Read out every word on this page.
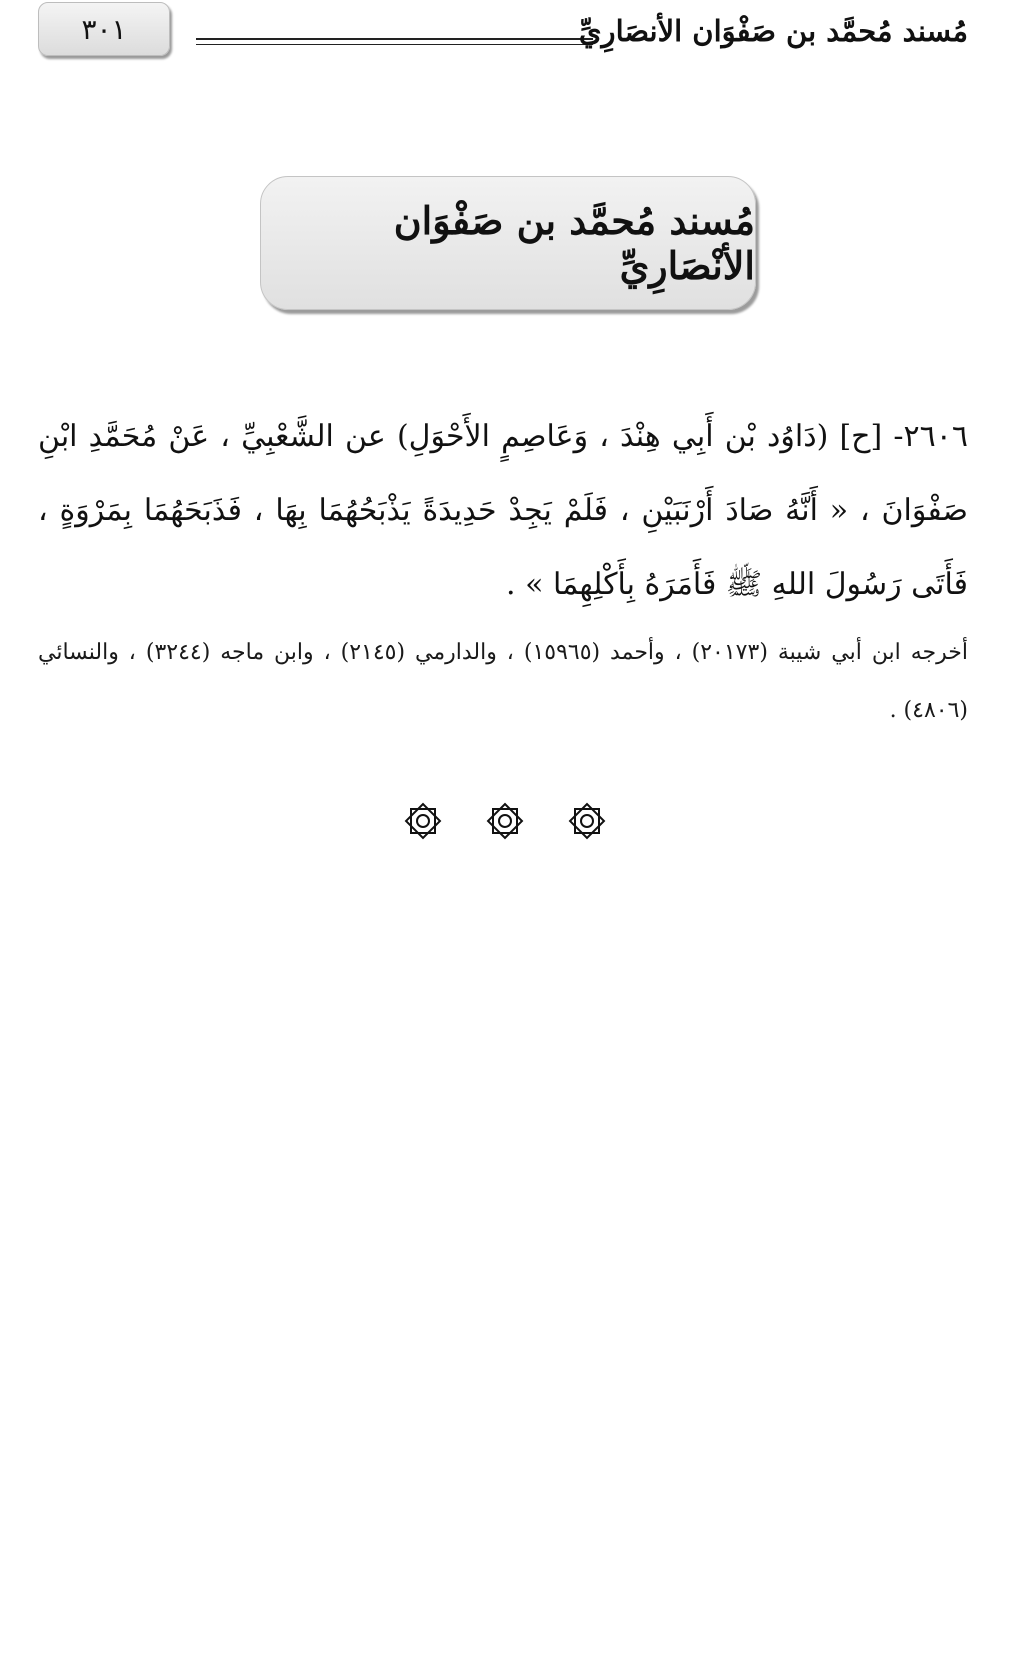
٣٠١	مُسند مُحمَّد بن صَفْوَان الأنصَارِيِّ
مُسند مُحمَّد بن صَفْوَان الأنْصَارِيِّ
٢٦٠٦- [ح] (دَاوُد بْن أَبِي هِنْدَ ، وَعَاصِمٍ الأَحْوَلِ) عن الشَّعْبِيِّ ، عَنْ مُحَمَّدِ ابْنِ صَفْوَانَ ، « أَنَّهُ صَادَ أَرْنَبَيْنِ ، فَلَمْ يَجِدْ حَدِيدَةً يَذْبَحُهُمَا بِهَا ، فَذَبَحَهُمَا بِمَرْوَةٍ ، فَأَتَى رَسُولَ اللهِ ﷺ فَأَمَرَهُ بِأَكْلِهِمَا » .
أخرجه ابن أبي شيبة (٢٠١٧٣) ، وأحمد (١٥٩٦٥) ، والدارمي (٢١٤٥) ، وابن ماجه (٣٢٤٤) ، والنسائي (٤٨٠٦) .
